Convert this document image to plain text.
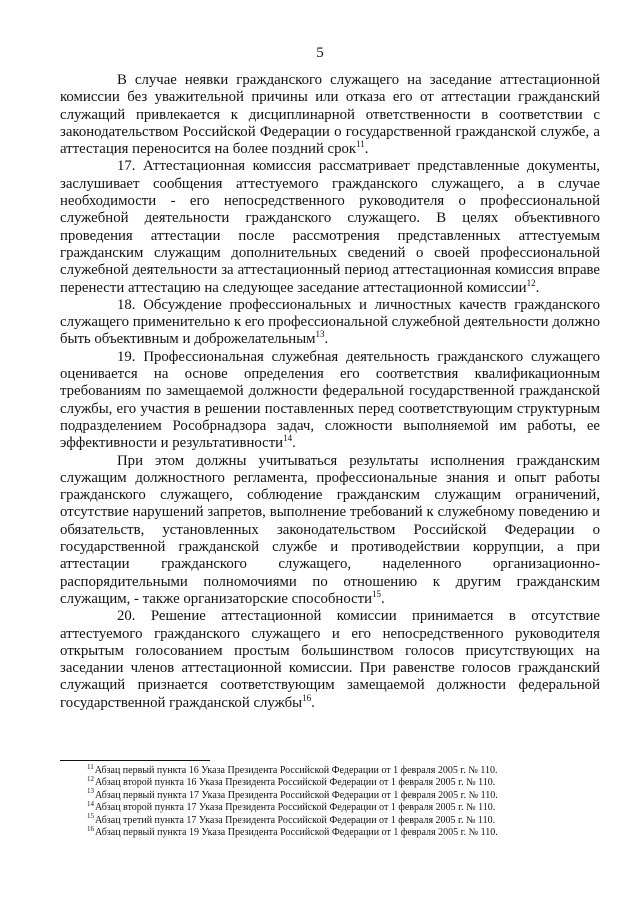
5

В случае неявки гражданского служащего на заседание аттестационной комиссии без уважительной причины или отказа его от аттестации гражданский служащий привлекается к дисциплинарной ответственности в соответствии с законодательством Российской Федерации о государственной гражданской службе, а аттестация переносится на более поздний срок$^{11}$.

17. Аттестационная комиссия рассматривает представленные документы, заслушивает сообщения аттестуемого гражданского служащего, а в случае необходимости - его непосредственного руководителя о профессиональной служебной деятельности гражданского служащего. В целях объективного проведения аттестации после рассмотрения представленных аттестуемым гражданским служащим дополнительных сведений о своей профессиональной служебной деятельности за аттестационный период аттестационная комиссия вправе перенести аттестацию на следующее заседание аттестационной комиссии$^{12}$.

18. Обсуждение профессиональных и личностных качеств гражданского служащего применительно к его профессиональной служебной деятельности должно быть объективным и доброжелательным$^{13}$.

19. Профессиональная служебная деятельность гражданского служащего оценивается на основе определения его соответствия квалификационным требованиям по замещаемой должности федеральной государственной гражданской службы, его участия в решении поставленных перед соответствующим структурным подразделением Рособрнадзора задач, сложности выполняемой им работы, ее эффективности и результативности$^{14}$.

При этом должны учитываться результаты исполнения гражданским служащим должностного регламента, профессиональные знания и опыт работы гражданского служащего, соблюдение гражданским служащим ограничений, отсутствие нарушений запретов, выполнение требований к служебному поведению и обязательств, установленных законодательством Российской Федерации о государственной гражданской службе и противодействии коррупции, а при аттестации гражданского служащего, наделенного организационно-распорядительными полномочиями по отношению к другим гражданским служащим, - также организаторские способности$^{15}$.

20. Решение аттестационной комиссии принимается в отсутствие аттестуемого гражданского служащего и его непосредственного руководителя открытым голосованием простым большинством голосов присутствующих на заседании членов аттестационной комиссии. При равенстве голосов гражданский служащий признается соответствующим замещаемой должности федеральной государственной гражданской службы$^{16}$.

$^{11}$Абзац первый пункта 16 Указа Президента Российской Федерации от 1 февраля 2005 г. № 110.
$^{12}$Абзац второй пункта 16 Указа Президента Российской Федерации от 1 февраля 2005 г. № 110.
$^{13}$Абзац первый пункта 17 Указа Президента Российской Федерации от 1 февраля 2005 г. № 110.
$^{14}$Абзац второй пункта 17 Указа Президента Российской Федерации от 1 февраля 2005 г. № 110.
$^{15}$Абзац третий пункта 17 Указа Президента Российской Федерации от 1 февраля 2005 г. № 110.
$^{16}$Абзац первый пункта 19 Указа Президента Российской Федерации от 1 февраля 2005 г. № 110.
